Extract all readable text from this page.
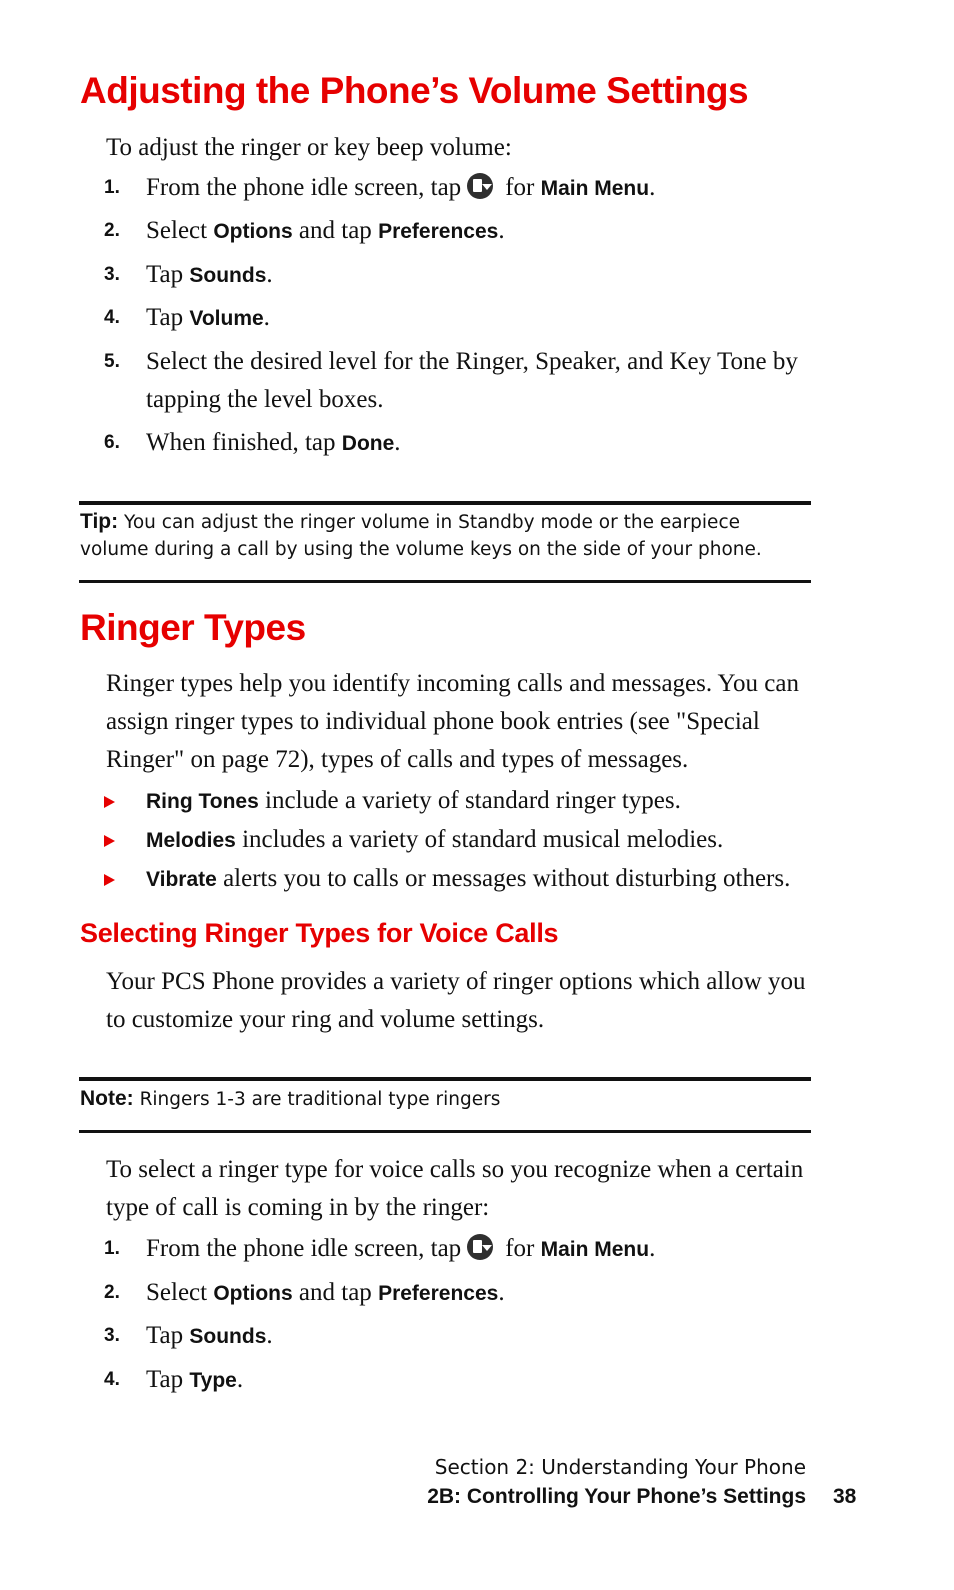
Adjusting the Phone’s Volume Settings

To adjust the ringer or key beep volume:

1. From the phone idle screen, tap for Main Menu.
2. Select Options and tap Preferences.
3. Tap Sounds.
4. Tap Volume.
5. Select the desired level for the Ringer, Speaker, and Key Tone by tapping the level boxes.
6. When finished, tap Done.
Tip: You can adjust the ringer volume in Standby mode or the earpiece volume during a call by using the volume keys on the side of your phone.
Ringer Types

Ringer types help you identify incoming calls and messages. You can assign ringer types to individual phone book entries (see "Special Ringer" on page 72), types of calls and types of messages.

Ring Tones include a variety of standard ringer types.
Melodies includes a variety of standard musical melodies.
Vibrate alerts you to calls or messages without disturbing others.
Selecting Ringer Types for Voice Calls

Your PCS Phone provides a variety of ringer options which allow you to customize your ring and volume settings.

Note: Ringers 1-3 are traditional type ringers

To select a ringer type for voice calls so you recognize when a certain type of call is coming in by the ringer:

1. From the phone idle screen, tap for Main Menu.
2. Select Options and tap Preferences.
3. Tap Sounds.
4. Tap Type.
Section 2: Understanding Your Phone
2B: Controlling Your Phone’s Settings 38
